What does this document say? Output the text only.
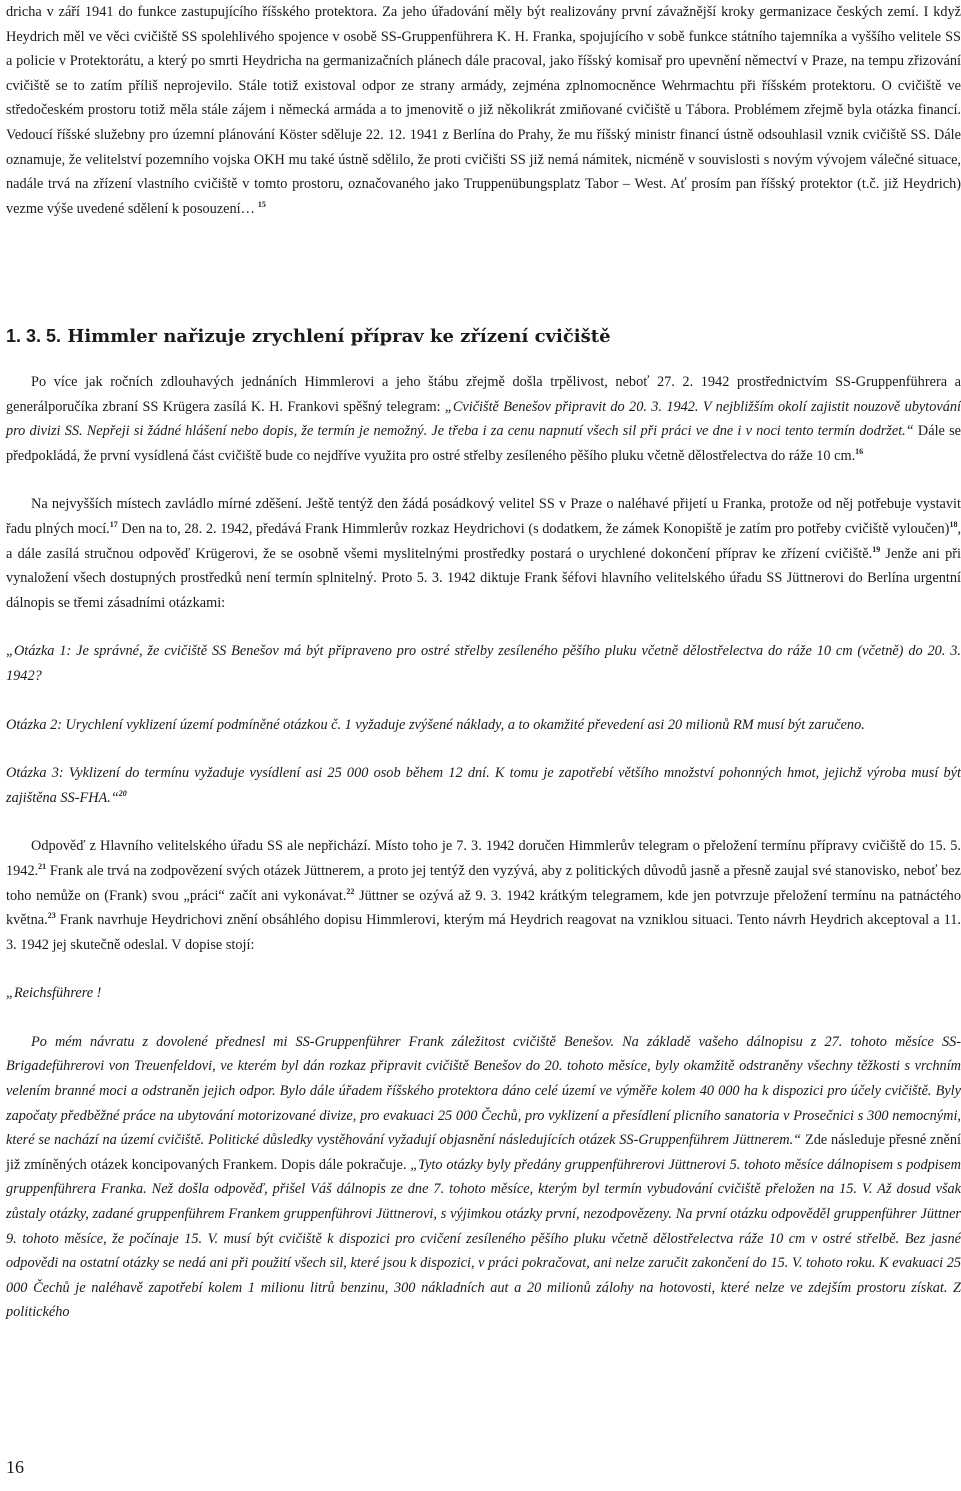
dricha v září 1941 do funkce zastupujícího říšského protektora. Za jeho úřadování měly být realizovány první závažnější kroky germanizace českých zemí. I když Heydrich měl ve věci cvičiště SS spolehlivého spojence v osobě SS-Gruppenführera K. H. Franka, spojujícího v sobě funkce státního tajemníka a vyššího velitele SS a policie v Protektorátu, a který po smrti Heydricha na germanizačních plánech dále pracoval, jako říšský komisař pro upevnění němectví v Praze, na tempu zřizování cvičiště se to zatím příliš neprojevilo. Stále totiž existoval odpor ze strany armády, zejména zplnomocněnce Wehrmachtu při říšském protektoru. O cvičiště ve středočeském prostoru totiž měla stále zájem i německá armáda a to jmenovitě o již několikrát zmiňované cvičiště u Tábora. Problémem zřejmě byla otázka financí. Vedoucí říšské služebny pro územní plánování Köster sděluje 22. 12. 1941 z Berlína do Prahy, že mu říšský ministr financí ústně odsouhlasil vznik cvičiště SS. Dále oznamuje, že velitelství pozemního vojska OKH mu také ústně sdělilo, že proti cvičišti SS již nemá námitek, nicméně v souvislosti s novým vývojem válečné situace, nadále trvá na zřízení vlastního cvičiště v tomto prostoru, označovaného jako Truppenübungsplatz Tabor – West. Ať prosím pan říšský protektor (t.č. již Heydrich) vezme výše uvedené sdělení k posouzení…  $^{15}$

1. 3. 5. Himmler nařizuje zrychlení příprav ke zřízení cvičiště

Po více jak ročních zdlouhavých jednáních Himmlerovi a jeho štábu zřejmě došla trpělivost, neboť 27. 2. 1942 prostřednictvím SS-Gruppenführera a generálporučíka zbraní SS Krügera zasílá K. H. Frankovi spěšný telegram: „Cvičiště Benešov připravit do 20. 3. 1942. V nejbližším okolí zajistit nouzově ubytování pro divizi SS. Nepřeji si žádné hlášení nebo dopis, že termín je nemožný. Je třeba i za cenu napnutí všech sil při práci ve dne i v noci tento termín dodržet.“ Dále se předpokládá, že první vysídlená část cvičiště bude co nejdříve využita pro ostré střelby zesíleného pěšího pluku včetně dělostřelectva do ráže 10 cm.$^{16}$

Na nejvyšších místech zavládlo mírné zděšení. Ještě tentýž den žádá posádkový velitel SS v Praze o naléhavé přijetí u Franka, protože od něj potřebuje vystavit řadu plných mocí.$^{17}$ Den na to, 28. 2. 1942, předává Frank Himmlerův rozkaz Heydrichovi (s dodatkem, že zámek Konopiště je zatím pro potřeby cvičiště vyloučen)$^{18}$, a dále zasílá stručnou odpověď Krügerovi, že se osobně všemi myslitelnými prostředky postará o urychlené dokončení příprav ke zřízení cvičiště.$^{19}$ Jenže ani při vynaložení všech dostupných prostředků není termín splnitelný. Proto 5. 3. 1942 diktuje Frank šéfovi hlavního velitelského úřadu SS Jüttnerovi do Berlína urgentní dálnopis se třemi zásadními otázkami:

„Otázka 1: Je správné, že cvičiště SS Benešov má být připraveno pro ostré střelby zesíleného pěšího pluku včetně dělostřelectva do ráže 10 cm (včetně) do 20. 3. 1942?

Otázka 2: Urychlení vyklizení území podmíněné otázkou č. 1 vyžaduje zvýšené náklady, a to okamžité převedení asi 20 milionů RM musí být zaručeno.

Otázka 3: Vyklizení do termínu vyžaduje vysídlení asi 25 000 osob během 12 dní. K tomu je zapotřebí většího množství pohonných hmot, jejichž výroba musí být zajištěna SS-FHA.“$^{20}$

Odpověď z Hlavního velitelského úřadu SS ale nepřichází. Místo toho je 7. 3. 1942 doručen Himmlerův telegram o přeložení termínu přípravy cvičiště do 15. 5. 1942.21 Frank ale trvá na zodpovězení svých otázek Jüttnerem, a proto jej tentýž den vyzývá, aby z politických důvodů jasně a přesně zaujal své stanovisko, neboť bez toho nemůže on (Frank) svou „práci“ začít ani vykonávat.$^{22}$ Jüttner se ozývá až 9. 3. 1942 krátkým telegramem, kde jen potvrzuje přeložení termínu na patnáctého května.$^{23}$ Frank navrhuje Heydrichovi znění obsáhlého dopisu Himmlerovi, kterým má Heydrich reagovat na vzniklou situaci. Tento návrh Heydrich akceptoval a 11. 3. 1942 jej skutečně odeslal. V dopise stojí:

„Reichsführere !

Po mém návratu z dovolené přednesl mi SS-Gruppenführer Frank záležitost cvičiště Benešov. Na základě vašeho dálnopisu z 27. tohoto měsíce SS-Brigadeführerovi von Treuenfeldovi, ve kterém byl dán rozkaz připravit cvičiště Benešov do 20. tohoto měsíce, byly okamžitě odstraněny všechny těžkosti s vrchním velením branné moci a odstraněn jejich odpor. Bylo dále úřadem říšského protektora dáno celé území ve výměře kolem 40 000 ha k dispozici pro účely cvičiště. Byly započaty předběžné práce na ubytování motorizované divize, pro evakuaci 25 000 Čechů, pro vyklizení a přesídlení plicního sanatoria v Prosečnici s 300 nemocnými, které se nachází na území cvičiště. Politické důsledky vystěhování vyžadují objasnění následujících otázek SS-Gruppenführem Jüttnerem.“ Zde následuje přesné znění již zmíněných otázek koncipovaných Frankem. Dopis dále pokračuje. „Tyto otázky byly předány gruppenführerovi Jüttnerovi 5. tohoto měsíce dálnopisem s podpisem gruppenführera Franka. Než došla odpověď, přišel Váš dálnopis ze dne 7. tohoto měsíce, kterým byl termín vybudování cvičiště přeložen na 15. V. Až dosud však zůstaly otázky, zadané gruppenführem Frankem gruppenführovi Jüttnerovi, s výjimkou otázky první, nezodpovězeny. Na první otázku odpověděl gruppenführer Jüttner 9. tohoto měsíce, že počínaje 15. V. musí být cvičiště k dispozici pro cvičení zesíleného pěšího pluku včetně dělostřelectva ráže 10 cm v ostré střelbě. Bez jasné odpovědi na ostatní otázky se nedá ani při použití všech sil, které jsou k dispozici, v práci pokračovat, ani nelze zaručit zakončení do 15. V. tohoto roku. K evakuaci 25 000 Čechů je naléhavě zapotřebí kolem 1 milionu litrů benzinu, 300 nákladních aut a 20 milionů zálohy na hotovosti, které nelze ve zdejším prostoru získat. Z politického

16
